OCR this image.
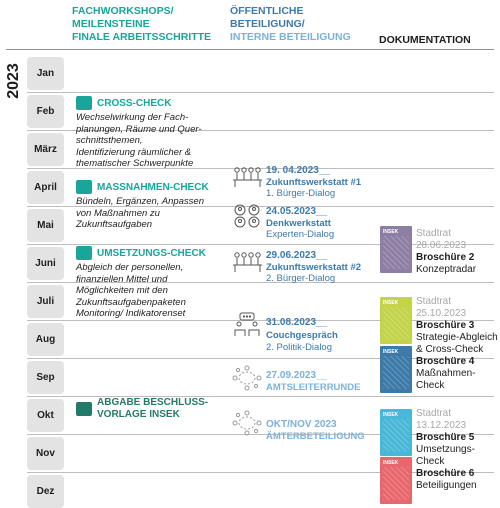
FACHWORKSHOPS/
MEILENSTEINE
FINALE ARBEITSSCHRITTE
ÖFFENTLICHE
BETEILIGUNG/
INTERNE BETEILIGUNG	DOKUMENTATION
2023	Jan
Feb
März
April
Mai
Juni
Juli
Aug
Sep
Okt
Nov
Dez
CROSS-CHECK
Wechselwirkung der Fach-
planungen, Räume und Quer-
schnittsthemen,
Identifizierung räumlicher &
thematischer Schwerpunkte
MASSNAHMEN-CHECK
Bündeln, Ergänzen, Anpassen
von Maßnahmen zu
Zukunftsaufgaben
UMSETZUNGS-CHECK
Abgleich der personellen,
finanziellen Mittel und
Möglichkeiten mit den
Zukunftsaufgabenpaketen
Monitoring/ Indikatorenset
ABGABE BESCHLUSS-
VORLAGE INSEK
19. 04.2023__
Zukunftswerkstatt #1
1. Bürger-Dialog
24.05.2023__
Denkwerkstatt
Experten-Dialog
29.06.2023__
Zukunftswerkstatt #2
2. Bürger-Dialog
31.08.2023__
Couchgespräch
2. Politik-Dialog
27.09.2023__
AMTSLEITERRUNDE
OKT/NOV 2023
ÄMTERBETEILIGUNG
INSEK Stadtrat
28.06.2023
Broschüre 2
Konzeptradar
INSEK
INSEK
Stadtrat
25.10.2023
Broschüre 3
Strategie-Abgleich
& Cross-Check
Broschüre 4
Maßnahmen-
Check
INSEK
INSEK
Stadtrat
13.12.2023
Broschüre 5
Umsetzungs-
Check
Broschüre 6
Beteiligungen
